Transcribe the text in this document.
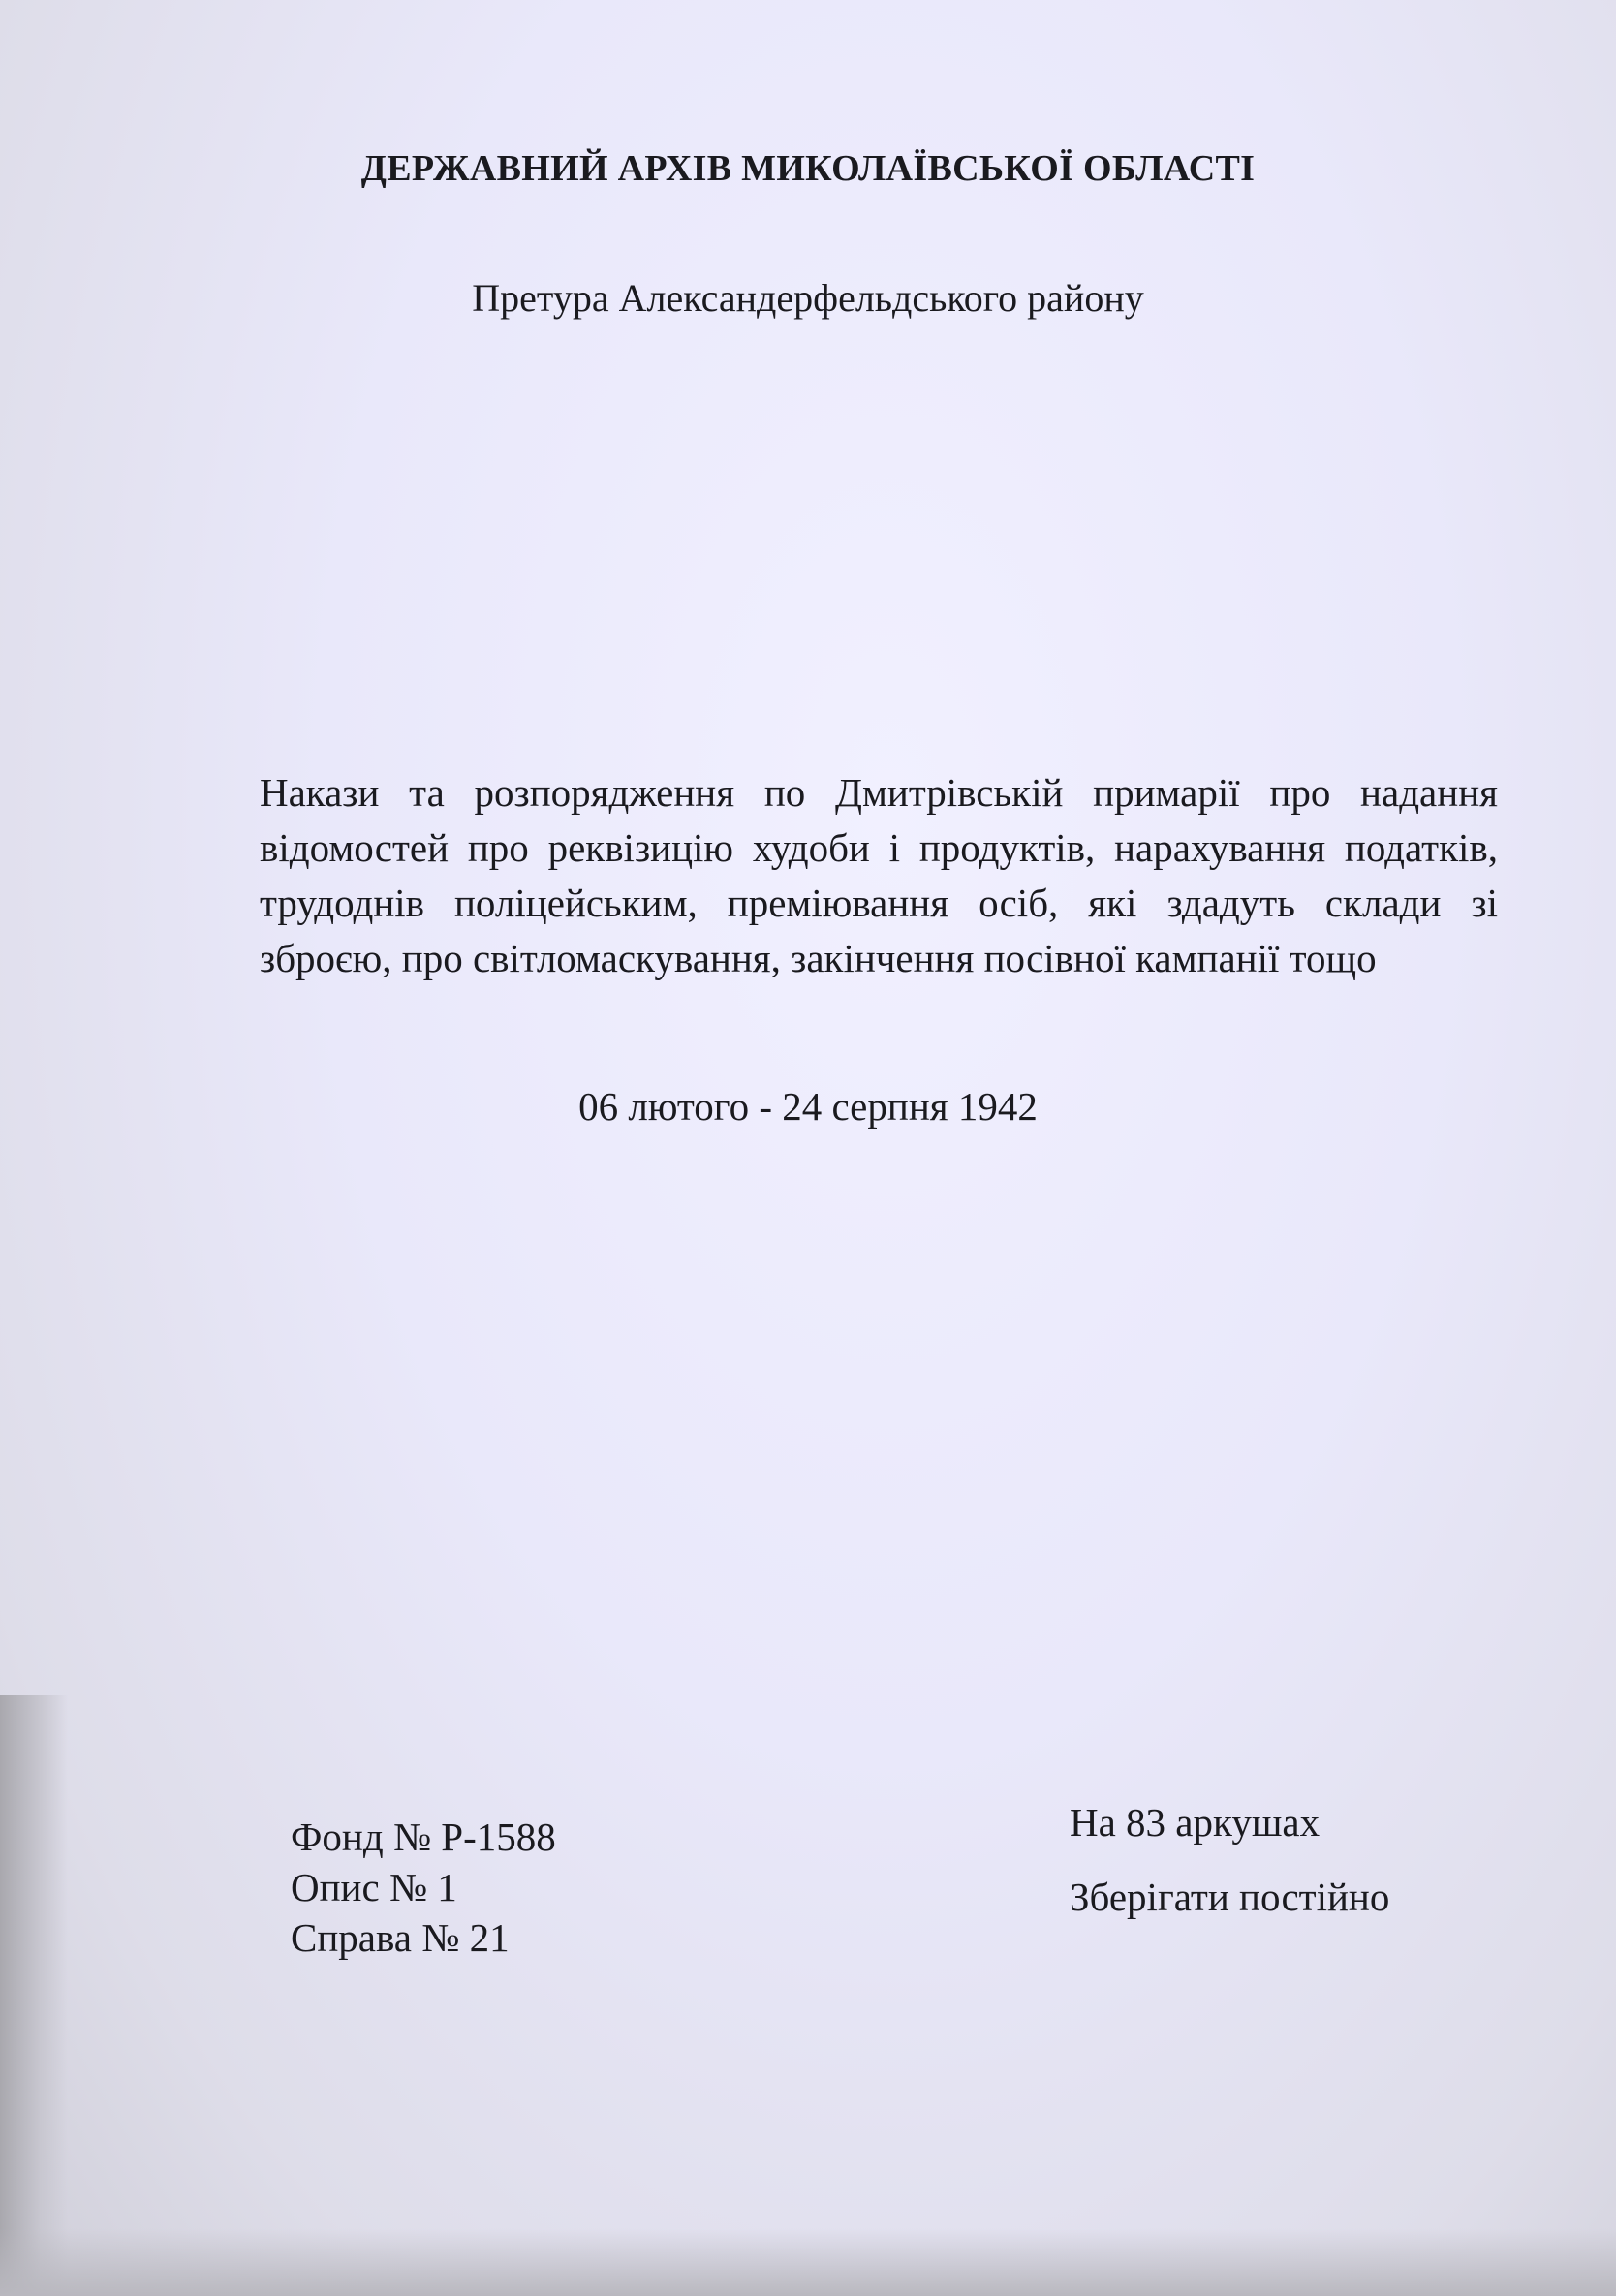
ДЕРЖАВНИЙ АРХІВ МИКОЛАЇВСЬКОЇ ОБЛАСТІ
Претура Александерфельдського району
Накази та розпорядження по Дмитрівській примарії про надання відомостей про реквізицію худоби і продуктів, нарахування податків, трудоднів поліцейським, преміювання осіб, які здадуть склади зі зброєю, про світломаскування, закінчення посівної кампанії тощо
06 лютого - 24 серпня 1942
Фонд № Р-1588
Опис № 1
Справа № 21
На 83 аркушах
Зберігати постійно
